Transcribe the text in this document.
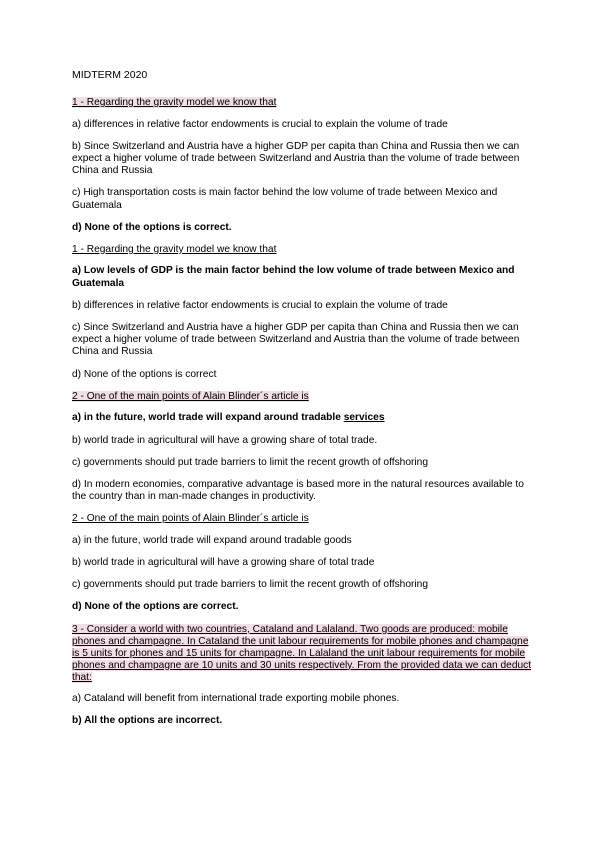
MIDTERM 2020
1 - Regarding the gravity model we know that
a) differences in relative factor endowments is crucial to explain the volume of trade
b) Since Switzerland and Austria have a higher GDP per capita than China and Russia then we can expect a higher volume of trade between Switzerland and Austria than the volume of trade between China and Russia
c) High transportation costs is main factor behind the low volume of trade between Mexico and Guatemala
d) None of the options is correct.
1 - Regarding the gravity model we know that
a) Low levels of GDP is the main factor behind the low volume of trade between Mexico and Guatemala
b) differences in relative factor endowments is crucial to explain the volume of trade
c) Since Switzerland and Austria have a higher GDP per capita than China and Russia then we can expect a higher volume of trade between Switzerland and Austria than the volume of trade between China and Russia
d) None of the options is correct
2 - One of the main points of Alain Blinder´s article is
a) in the future, world trade will expand around tradable services
b) world trade in agricultural will have a growing share of total trade.
c) governments should put trade barriers to limit the recent growth of offshoring
d) In modern economies, comparative advantage is based more in the natural resources available to the country than in man-made changes in productivity.
2 - One of the main points of Alain Blinder´s article is
a) in the future, world trade will expand around tradable goods
b) world trade in agricultural will have a growing share of total trade
c) governments should put trade barriers to limit the recent growth of offshoring
d) None of the options are correct.
3 - Consider a world with two countries, Cataland and Lalaland. Two goods are produced: mobile phones and champagne. In Cataland the unit labour requirements for mobile phones and champagne is 5 units for phones and 15 units for champagne. In Lalaland the unit labour requirements for mobile phones and champagne are 10 units and 30 units respectively. From the provided data we can deduct that:
a) Cataland will benefit from international trade exporting mobile phones.
b) All the options are incorrect.
